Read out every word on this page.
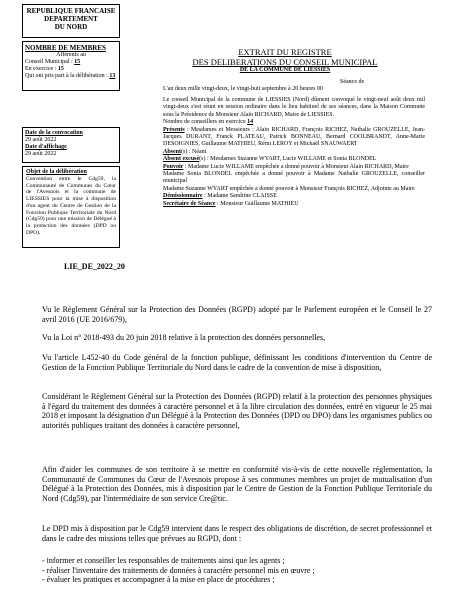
REPUBLIQUE FRANCAISE
DEPARTEMENT
DU NORD
NOMBRE DE MEMBRES
Afférents au
Conseil Municipal : 15
En exercice : 15
Qui ont pris part à la délibération : 13
Date de la convocation
29 août 2022
Date d'affichage
29 août 2022
Objet de la délibération
Convention entre le Cdg59, la Communauté de Communes du Cœur de l'Avesnois et la commune de LIESSIES pour la mise à disposition d'un agent du Centre de Gestion de la Fonction Publique Territoriale du Nord (Cdg59) pour une mission de Délégué à la protection des données (DPD ou DPO).
LIE_DE_2022_20
EXTRAIT DU REGISTRE
DES DELIBERATIONS DU CONSEIL MUNICIPAL
DE LA COMMUNE DE LIESSIES
Séance de
L'an deux mille vingt-deux, le vingt-huit septembre à 20 heures 00
Le conseil Municipal de la commune de LIESSIES (Nord) dûment convoqué le vingt-neuf août deux mil vingt-deux s'est réuni en session ordinaire dans le lieu habituel de ses séances, dans la Maison Commune sous la Présidence de Monsieur Alain RICHARD, Maire de LIESSIES.
Nombre de conseillers en exercice 14
Présents : Mesdames et Messieurs : Alain RICHARD, François RICHEZ, Nathalie GROUZELLE, Jean-Jacques DURANT, Franck PLATEAU, Patrick BONNEAU, Bernard COOLBRANDT, Anne-Marie DESOIGNIES, Guillaume MATHIEU, Rémi LEROY et Mickaël SNAUWAERT
Absent(s) : Néant
Absent excusé(s) : Mesdames Suzanne WYART, Lucie WILLAME et Sonia BLONDEL
Pouvoir : Madame Lucie WILLAME empêchée a donné pouvoir à Monsieur Alain RICHARD, Maire
Madame Sonia BLONDEL empêchée a donné pouvoir à Madame Nathalie GROUZELLE, conseiller municipal
Madame Suzanne WYART empêchée a donné pouvoir à Monsieur François RICHEZ, Adjointe au Maire
Démissionnaire : Madame Sandrine CLAISSE
Secrétaire de Séance : Monsieur Guillaume MATHIEU

Vu le Règlement Général sur la Protection des Données (RGPD) adopté par le Parlement européen et le Conseil le 27 avril 2016 (UE 2016/679),

Vu la Loi n° 2018-493 du 20 juin 2018 relative à la protection des données personnelles,

Vu l'article L452-40 du Code général de la fonction publique, définissant les conditions d'intervention du Centre de Gestion de la Fonction Publique Territoriale du Nord dans le cadre de la convention de mise à disposition,

Considérant le Règlement Général sur la Protection des Données (RGPD) relatif à la protection des personnes physiques à l'égard du traitement des données à caractère personnel et à la libre circulation des données, entré en vigueur le 25 mai 2018 et imposant la désignation d'un Délégué à la Protection des Données (DPD ou DPO) dans les organismes publics ou autorités publiques traitant des données à caractère personnel,

Afin d'aider les communes de son territoire à se mettre en conformité vis-à-vis de cette nouvelle réglementation, la Communauté de Communes du Cœur de l'Avesnois propose à ses communes membres un projet de mutualisation d'un Délégué à la Protection des Données, mis à disposition par le Centre de Gestion de la Fonction Publique Territoriale du Nord (Cdg59), par l'intermédiaire de son service Cre@tic.

Le DPD mis à disposition par le Cdg59 intervient dans le respect des obligations de discrétion, de secret professionnel et dans le cadre des missions telles que prévues au RGPD, dont :

- informer et conseiller les responsables de traitements ainsi que les agents ;
- réaliser l'inventaire des traitements de données à caractère personnel mis en œuvre ;
- évaluer les pratiques et accompagner à la mise en place de procédures ;
